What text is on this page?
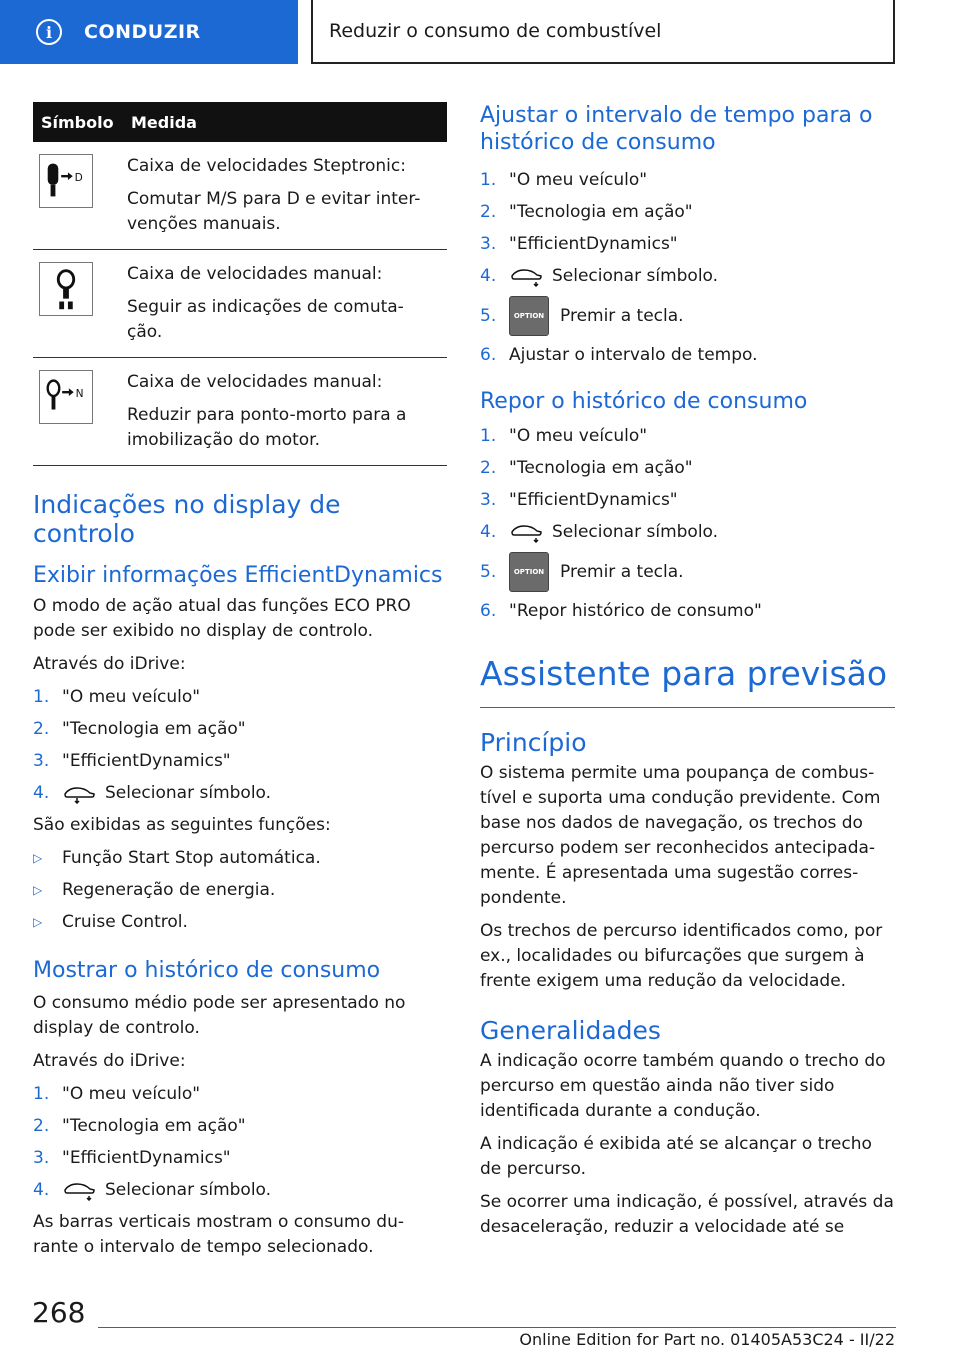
i	CONDUZIR	Reduzir o consumo de combustível
Símbolo	Medida

D	Caixa de velocidades Steptronic:

Comutar M/S para D e evitar inter-venções manuais.

Caixa de velocidades manual:

Seguir as indicações de comuta-ção.

N	Caixa de velocidades manual:

Reduzir para ponto-morto para a imobilização do motor.

Indicações no display de controlo
Exibir informações EfficientDynamics

O modo de ação atual das funções ECO PRO pode ser exibido no display de controlo.

Através do iDrive:

1. "O meu veículo"
2. "Tecnologia em ação"
3. "EfficientDynamics"
4.	Selecionar símbolo.

São exibidas as seguintes funções:

▷	Função Start Stop automática.
▷	Regeneração de energia.
▷	Cruise Control.
Mostrar o histórico de consumo

O consumo médio pode ser apresentado no display de controlo.

Através do iDrive:

1. "O meu veículo"
2. "Tecnologia em ação"
3. "EfficientDynamics"
4.	Selecionar símbolo.

As barras verticais mostram o consumo du-rante o intervalo de tempo selecionado.

Ajustar o intervalo de tempo para o histórico de consumo
1. "O meu veículo"
2. "Tecnologia em ação"
3. "EfficientDynamics"
4.	Selecionar símbolo.
5.	OPTION Premir a tecla.
6. Ajustar o intervalo de tempo.
Repor o histórico de consumo
1. "O meu veículo"
2. "Tecnologia em ação"
3. "EfficientDynamics"
4.	Selecionar símbolo.
5.	OPTION Premir a tecla.
6. "Repor histórico de consumo"
Assistente para previsão
Princípio

O sistema permite uma poupança de combus-tível e suporta uma condução previdente. Com base nos dados de navegação, os trechos do percurso podem ser reconhecidos antecipada-mente. É apresentada uma sugestão corres-pondente.

Os trechos de percurso identificados como, por ex., localidades ou bifurcações que surgem à frente exigem uma redução da velocidade.

Generalidades

A indicação ocorre também quando o trecho do percurso em questão ainda não tiver sido identificada durante a condução.

A indicação é exibida até se alcançar o trecho de percurso.

Se ocorrer uma indicação, é possível, através da desaceleração, reduzir a velocidade até se

268
Online Edition for Part no. 01405A53C24 - II/22
